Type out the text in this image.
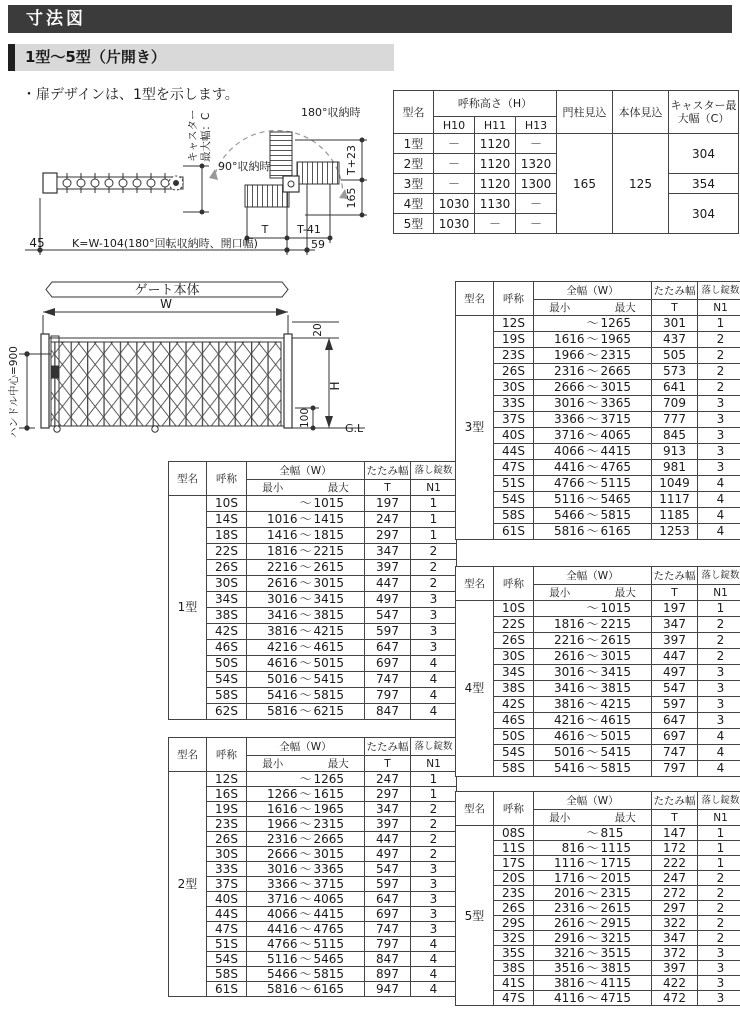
寸法図
1型～5型（片開き）
・扉デザインは、1型を示します。
型名	呼称高さ（H）			門柱見込	本体見込	キャスター最大幅（C）
	H10	H11	H13			
1型	－	1120	－	165	125	304
2型	－	1120	1320			
3型	－	1120	1300			354
4型	1030	1130	－			304
5型	1030	－	－			
キャスター 最大幅：C	T+23
165
180°収納時
90°収納時
T	T-41
45 K=W-104(180°回転収納時、開口幅)	59
ゲート本体
W
ハンドル中心=900
20
H
100
G.L
型名	呼称	全幅（W）			たたみ幅	落し錠数
		最小		最大	T	N1
1型	10S		～	1015	197	1
	14S	1016	～	1415	247	1
	18S	1416	～	1815	297	1
	22S	1816	～	2215	347	2
	26S	2216	～	2615	397	2
	30S	2616	～	3015	447	2
	34S	3016	～	3415	497	3
	38S	3416	～	3815	547	3
	42S	3816	～	4215	597	3
	46S	4216	～	4615	647	3
	50S	4616	～	5015	697	4
	54S	5016	～	5415	747	4
	58S	5416	～	5815	797	4
	62S	5816	～	6215	847	4
型名	呼称	全幅（W）			たたみ幅	落し錠数
		最小		最大	T	N1
2型	12S		～	1265	247	1
	16S	1266	～	1615	297	1
	19S	1616	～	1965	347	2
	23S	1966	～	2315	397	2
	26S	2316	～	2665	447	2
	30S	2666	～	3015	497	2
	33S	3016	～	3365	547	3
	37S	3366	～	3715	597	3
	40S	3716	～	4065	647	3
	44S	4066	～	4415	697	3
	47S	4416	～	4765	747	3
	51S	4766	～	5115	797	4
	54S	5116	～	5465	847	4
	58S	5466	～	5815	897	4
	61S	5816	～	6165	947	4
型名	呼称	全幅（W）			たたみ幅	落し錠数
		最小		最大	T	N1
3型	12S		～	1265	301	1
	19S	1616	～	1965	437	2
	23S	1966	～	2315	505	2
	26S	2316	～	2665	573	2
	30S	2666	～	3015	641	2
	33S	3016	～	3365	709	3
	37S	3366	～	3715	777	3
	40S	3716	～	4065	845	3
	44S	4066	～	4415	913	3
	47S	4416	～	4765	981	3
	51S	4766	～	5115	1049	4
	54S	5116	～	5465	1117	4
	58S	5466	～	5815	1185	4
	61S	5816	～	6165	1253	4
型名	呼称	全幅（W）			たたみ幅	落し錠数
		最小		最大	T	N1
4型	10S		～	1015	197	1
	22S	1816	～	2215	347	2
	26S	2216	～	2615	397	2
	30S	2616	～	3015	447	2
	34S	3016	～	3415	497	3
	38S	3416	～	3815	547	3
	42S	3816	～	4215	597	3
	46S	4216	～	4615	647	3
	50S	4616	～	5015	697	4
	54S	5016	～	5415	747	4
	58S	5416	～	5815	797	4
型名	呼称	全幅（W）			たたみ幅	落し錠数
		最小		最大	T	N1
5型	08S		～	815	147	1
	11S	816	～	1115	172	1
	17S	1116	～	1715	222	1
	20S	1716	～	2015	247	2
	23S	2016	～	2315	272	2
	26S	2316	～	2615	297	2
	29S	2616	～	2915	322	2
	32S	2916	～	3215	347	2
	35S	3216	～	3515	372	3
	38S	3516	～	3815	397	3
	41S	3816	～	4115	422	3
	47S	4116	～	4715	472	3
